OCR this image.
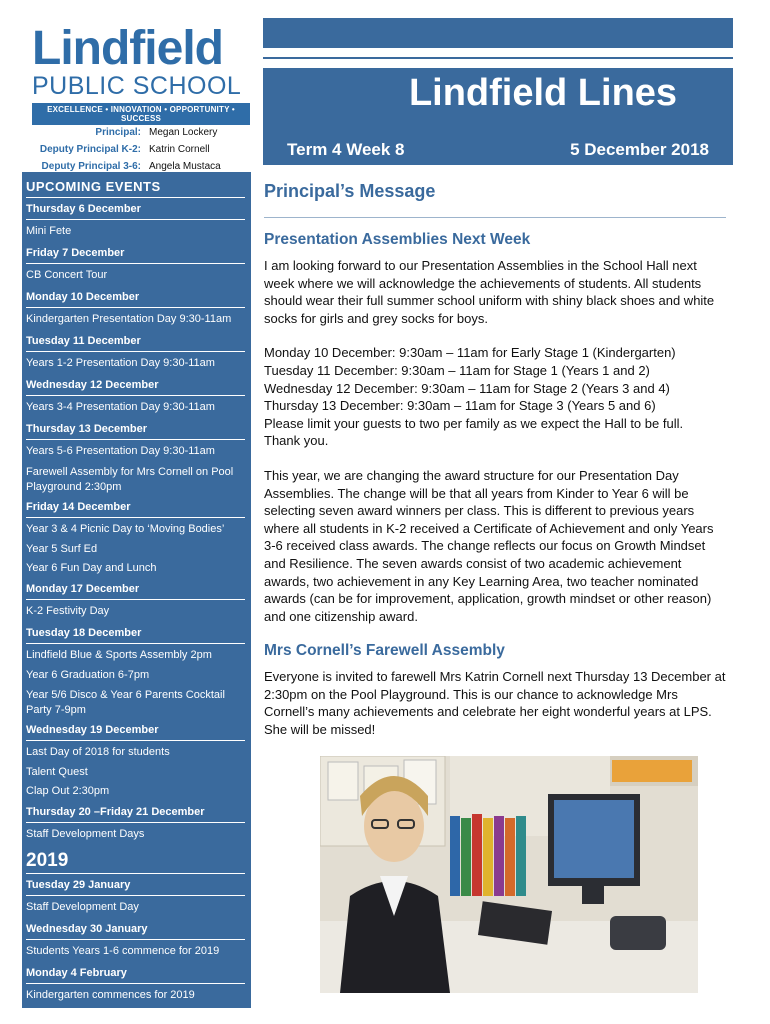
Lindfield
PUBLIC SCHOOL
EXCELLENCE • INNOVATION • OPPORTUNITY • SUCCESS
Principal: Megan Lockery
Deputy Principal K-2: Katrin Cornell
Deputy Principal 3-6: Angela Mustaca
Lindfield Lines
Term 4 Week 8	5 December 2018
UPCOMING EVENTS
Thursday 6 December
Mini Fete
Friday 7 December
CB Concert Tour
Monday 10 December
Kindergarten Presentation Day 9:30-11am
Tuesday 11 December
Years 1-2 Presentation Day 9:30-11am
Wednesday 12 December
Years 3-4 Presentation Day 9:30-11am
Thursday 13 December
Years 5-6 Presentation Day 9:30-11am
Farewell Assembly for Mrs Cornell on Pool Playground 2:30pm
Friday 14 December
Year 3 & 4 Picnic Day to ‘Moving Bodies’
Year 5 Surf Ed
Year 6 Fun Day and Lunch
Monday 17 December
K-2 Festivity Day
Tuesday 18 December
Lindfield Blue & Sports Assembly 2pm
Year 6 Graduation 6-7pm
Year 5/6 Disco & Year 6 Parents Cocktail Party 7-9pm
Wednesday 19 December
Last Day of 2018 for students
Talent Quest
Clap Out 2:30pm
Thursday 20 –Friday 21 December
Staff Development Days
2019
Tuesday 29 January
Staff Development Day
Wednesday 30 January
Students Years 1-6 commence for 2019
Monday 4 February
Kindergarten commences for 2019
Principal’s Message
Presentation Assemblies Next Week
I am looking forward to our Presentation Assemblies in the School Hall next week where we will acknowledge the achievements of students. All students should wear their full summer school uniform with shiny black shoes and white socks for girls and grey socks for boys.
Monday 10 December: 9:30am – 11am for Early Stage 1 (Kindergarten)
Tuesday 11 December: 9:30am – 11am for Stage 1 (Years 1 and 2)
Wednesday 12 December: 9:30am – 11am for Stage 2 (Years 3 and 4)
Thursday 13 December: 9:30am – 11am for Stage 3 (Years 5 and 6)
Please limit your guests to two per family as we expect the Hall to be full.
Thank you.
This year, we are changing the award structure for our Presentation Day Assemblies. The change will be that all years from Kinder to Year 6 will be selecting seven award winners per class. This is different to previous years where all students in K-2 received a Certificate of Achievement and only Years 3-6 received class awards. The change reflects our focus on Growth Mindset and Resilience. The seven awards consist of two academic achievement awards, two achievement in any Key Learning Area, two teacher nominated awards (can be for improvement, application, growth mindset or other reason) and one citizenship award.
Mrs Cornell’s Farewell Assembly
Everyone is invited to farewell Mrs Katrin Cornell next Thursday 13 December at 2:30pm on the Pool Playground. This is our chance to acknowledge Mrs Cornell’s many achievements and celebrate her eight wonderful years at LPS. She will be missed!
